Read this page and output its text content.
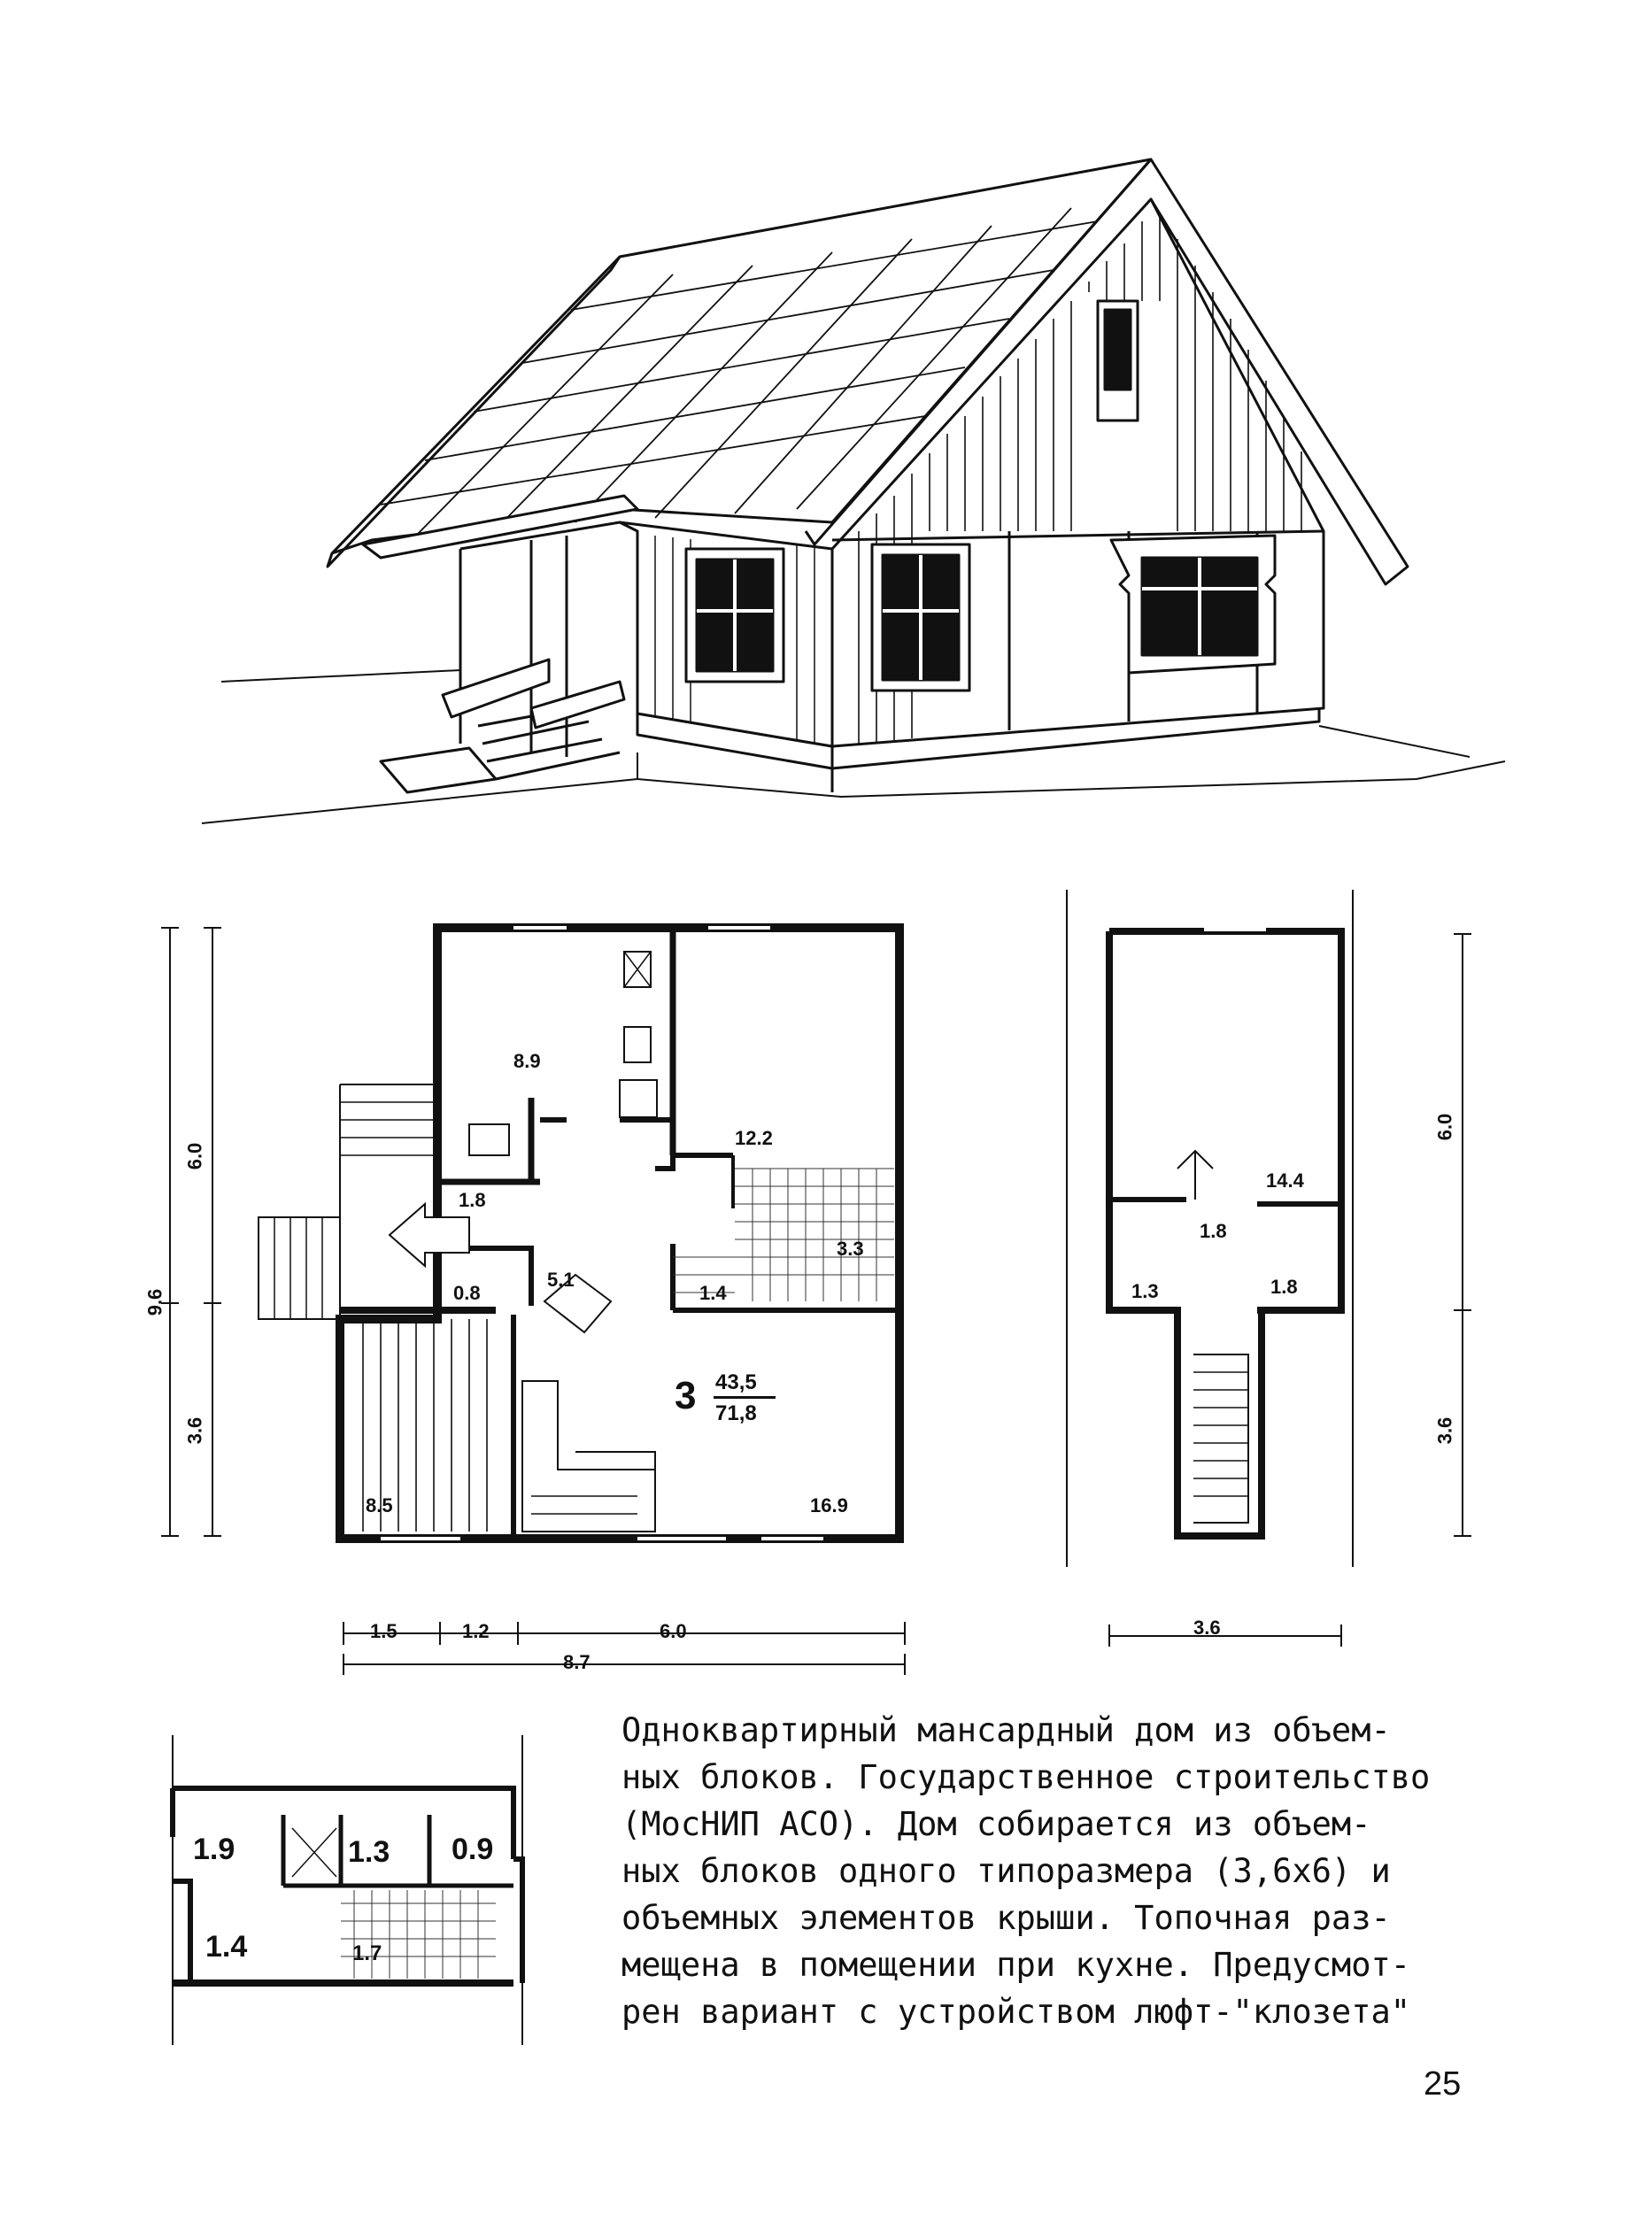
8.9
12.2
1.8
5.1
0.8
3.3
1.4
8.5	16.9
3 43,5
71,8
9.6
6.0
3.6
1.5	1.2	6.0
8.7
14.4
1.8
1.3	1.8
6.0
3.6
3.6
1.9	1.3 0.9
1.4	1.7
Одноквартирный мансардный дом из объем-
ных блоков. Государственное строительство
(МосНИП АСО). Дом собирается из объем-
ных блоков одного типоразмера (3,6х6) и
объемных элементов крыши. Топочная раз-
мещена в помещении при кухне. Предусмот-
рен вариант с устройством люфт-"клозета"
25
